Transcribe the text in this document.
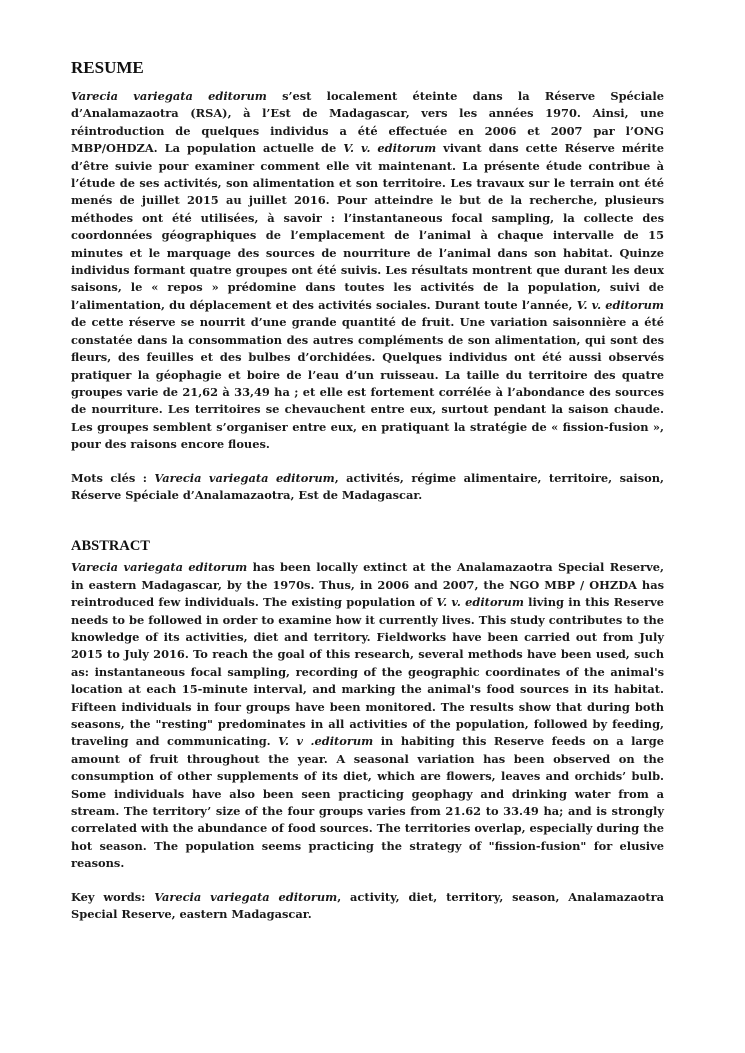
RESUME

Varecia variegata editorum s’est localement éteinte dans la Réserve Spéciale d’Analamazaotra (RSA), à l’Est de Madagascar, vers les années 1970. Ainsi, une réintroduction de quelques individus a été effectuée en 2006 et 2007 par l’ONG MBP/OHDZA. La population actuelle de V. v. editorum vivant dans cette Réserve mérite d’être suivie pour examiner comment elle vit maintenant. La présente étude contribue à l’étude de ses activités, son alimentation et son territoire. Les travaux sur le terrain ont été menés de juillet 2015 au juillet 2016. Pour atteindre le but de la recherche, plusieurs méthodes ont été utilisées, à savoir : l’instantaneous focal sampling, la collecte des coordonnées géographiques de l’emplacement de l’animal à chaque intervalle de 15 minutes et le marquage des sources de nourriture de l’animal dans son habitat. Quinze individus formant quatre groupes ont été suivis. Les résultats montrent que durant les deux saisons, le « repos » prédomine dans toutes les activités de la population, suivi de l’alimentation, du déplacement et des activités sociales. Durant toute l’année, V. v. editorum de cette réserve se nourrit d’une grande quantité de fruit. Une variation saisonnière a été constatée dans la consommation des autres compléments de son alimentation, qui sont des fleurs, des feuilles et des bulbes d’orchidées. Quelques individus ont été aussi observés pratiquer la géophagie et boire de l’eau d’un ruisseau. La taille du territoire des quatre groupes varie de 21,62 à 33,49 ha ; et elle est fortement corrélée à l’abondance des sources de nourriture. Les territoires se chevauchent entre eux, surtout pendant la saison chaude. Les groupes semblent s’organiser entre eux, en pratiquant la stratégie de « fission-fusion », pour des raisons encore floues.

Mots clés : Varecia variegata editorum, activités, régime alimentaire, territoire, saison, Réserve Spéciale d’Analamazaotra, Est de Madagascar.

ABSTRACT

Varecia variegata editorum has been locally extinct at the Analamazaotra Special Reserve, in eastern Madagascar, by the 1970s. Thus, in 2006 and 2007, the NGO MBP / OHZDA has reintroduced few individuals. The existing population of V. v. editorum living in this Reserve needs to be followed in order to examine how it currently lives. This study contributes to the knowledge of its activities, diet and territory. Fieldworks have been carried out from July 2015 to July 2016. To reach the goal of this research, several methods have been used, such as: instantaneous focal sampling, recording of the geographic coordinates of the animal's location at each 15-minute interval, and marking the animal's food sources in its habitat. Fifteen individuals in four groups have been monitored. The results show that during both seasons, the "resting" predominates in all activities of the population, followed by feeding, traveling and communicating. V. v .editorum in habiting this Reserve feeds on a large amount of fruit throughout the year. A seasonal variation has been observed on the consumption of other supplements of its diet, which are flowers, leaves and orchids’ bulb. Some individuals have also been seen practicing geophagy and drinking water from a stream. The territory’ size of the four groups varies from 21.62 to 33.49 ha; and is strongly correlated with the abundance of food sources. The territories overlap, especially during the hot season. The population seems practicing the strategy of "fission-fusion" for elusive reasons.

Key words: Varecia variegata editorum, activity, diet, territory, season, Analamazaotra Special Reserve, eastern Madagascar.
